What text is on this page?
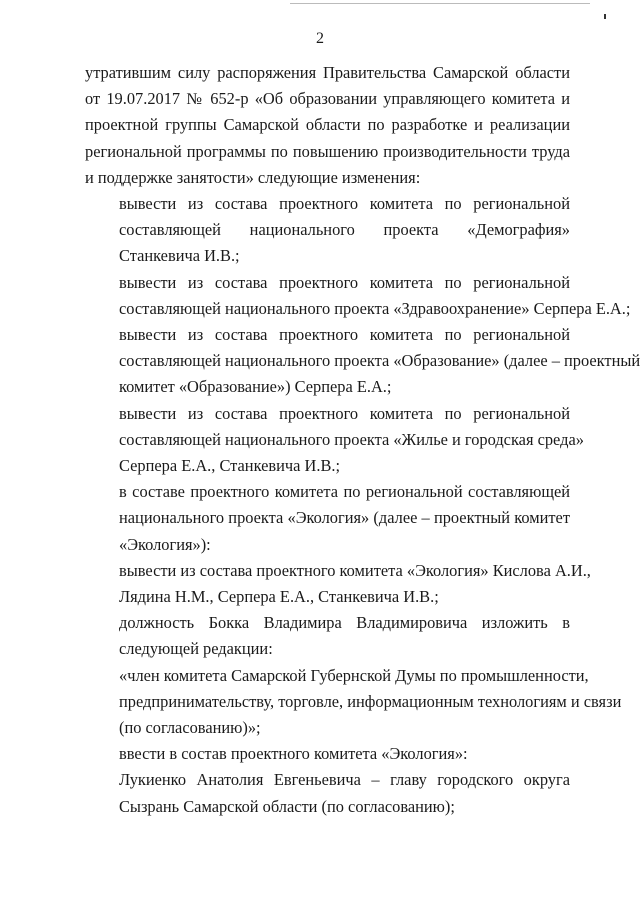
2
утратившим силу распоряжения Правительства Самарской области
от 19.07.2017 № 652-р «Об образовании управляющего комитета и
проектной группы Самарской области по разработке и реализации
региональной программы по повышению производительности труда
и поддержке занятости» следующие изменения:
вывести из состава проектного комитета по региональной
составляющей национального проекта «Демография»
Станкевича И.В.;
вывести из состава проектного комитета по региональной
составляющей национального проекта «Здравоохранение» Серпера Е.А.;
вывести из состава проектного комитета по региональной
составляющей национального проекта «Образование» (далее – проектный
комитет «Образование») Серпера Е.А.;
вывести из состава проектного комитета по региональной
составляющей национального проекта «Жилье и городская среда»
Серпера Е.А., Станкевича И.В.;
в составе проектного комитета по региональной составляющей
национального проекта «Экология» (далее – проектный комитет
«Экология»):
вывести из состава проектного комитета «Экология» Кислова А.И.,
Лядина Н.М., Серпера Е.А., Станкевича И.В.;
должность Бокка Владимира Владимировича изложить в
следующей редакции:
«член комитета Самарской Губернской Думы по промышленности,
предпринимательству, торговле, информационным технологиям и связи
(по согласованию)»;
ввести в состав проектного комитета «Экология»:
Лукиенко Анатолия Евгеньевича – главу городского округа
Сызрань Самарской области (по согласованию);
